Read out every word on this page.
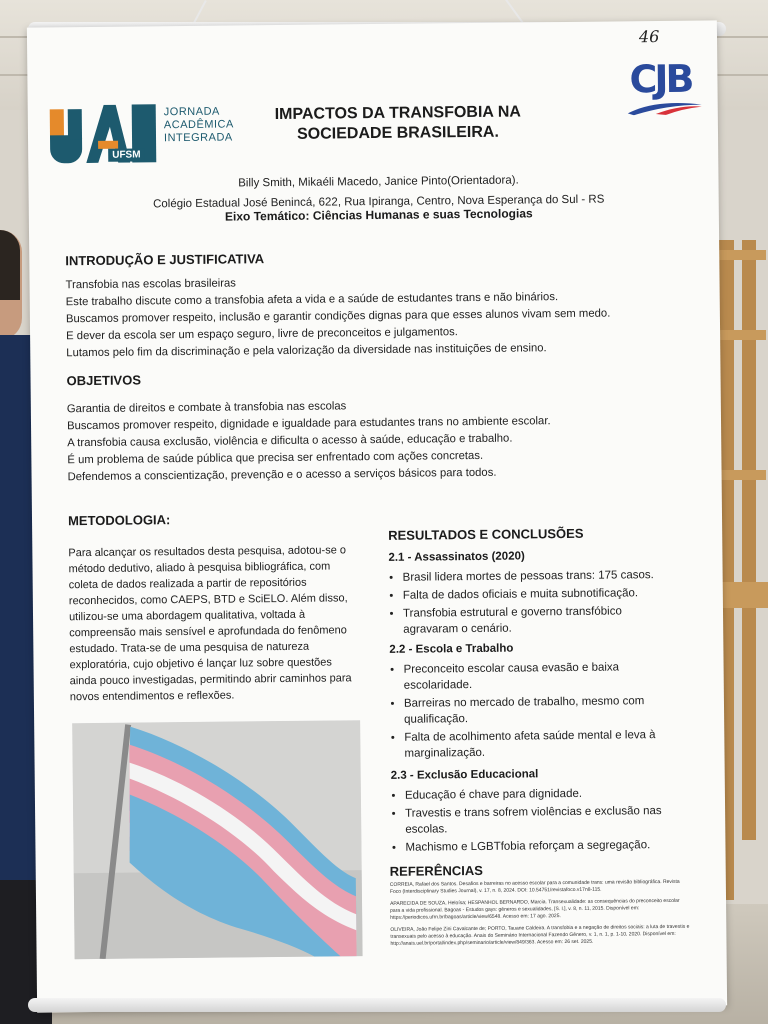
46
UFSM
JORNADA
ACADÊMICA
INTEGRADA
CJB
IMPACTOS DA TRANSFOBIA NA
SOCIEDADE BRASILEIRA.
Billy Smith, Mikaéli Macedo, Janice Pinto(Orientadora).
Colégio Estadual José Benincá, 622, Rua Ipiranga, Centro, Nova Esperança do Sul - RS
Eixo Temático: Ciências Humanas e suas Tecnologias
INTRODUÇÃO E JUSTIFICATIVA

Transfobia nas escolas brasileiras

Este trabalho discute como a transfobia afeta a vida e a saúde de estudantes trans e não binários.

Buscamos promover respeito, inclusão e garantir condições dignas para que esses alunos vivam sem medo.

E dever da escola ser um espaço seguro, livre de preconceitos e julgamentos.

Lutamos pelo fim da discriminação e pela valorização da diversidade nas instituições de ensino.

OBJETIVOS

Garantia de direitos e combate à transfobia nas escolas

Buscamos promover respeito, dignidade e igualdade para estudantes trans no ambiente escolar.

A transfobia causa exclusão, violência e dificulta o acesso à saúde, educação e trabalho.

É um problema de saúde pública que precisa ser enfrentado com ações concretas.

Defendemos a conscientização, prevenção e o acesso a serviços básicos para todos.

METODOLOGIA:
Para alcançar os resultados desta pesquisa, adotou-se o método dedutivo, aliado à pesquisa bibliográfica, com coleta de dados realizada a partir de repositórios reconhecidos, como CAEPS, BTD e SciELO. Além disso, utilizou-se uma abordagem qualitativa, voltada à compreensão mais sensível e aprofundada do fenômeno estudado. Trata-se de uma pesquisa de natureza exploratória, cujo objetivo é lançar luz sobre questões ainda pouco investigadas, permitindo abrir caminhos para novos entendimentos e reflexões.
RESULTADOS E CONCLUSÕES
2.1 - Assassinatos (2020)
• Brasil lidera mortes de pessoas trans: 175 casos.
• Falta de dados oficiais e muita subnotificação.
• Transfobia estrutural e governo transfóbico agravaram o cenário.
2.2 - Escola e Trabalho
• Preconceito escolar causa evasão e baixa escolaridade.
• Barreiras no mercado de trabalho, mesmo com qualificação.
• Falta de acolhimento afeta saúde mental e leva à marginalização.
2.3 - Exclusão Educacional
• Educação é chave para dignidade.
• Travestis e trans sofrem violências e exclusão nas escolas.
• Machismo e LGBTfobia reforçam a segregação.
REFERÊNCIAS

CORREIA, Rafael dos Santos. Desafios e barreiras no acesso escolar para a comunidade trans: uma revisão bibliográfica. Revista Foco (Interdisciplinary Studies Journal), v. 17, n. 8, 2024. DOI: 10.54751/revistafoco.v17n8-115.

APARECIDA DE SOUZA, Heloísa; HESPANHOL BERNARDO, Marcia. Transexualidade: as consequências do preconceito escolar para a vida profissional. Bagoas - Estudos gays: gêneros e sexualidades, [S. l.], v. 8, n. 11, 2015. Disponível em: https://periodicos.ufrn.br/bagoas/article/view/6548. Acesso em: 17 ago. 2025.

OLIVEIRA, João Felipe Zini Cavalcante de; PORTO, Tauane Caldeira. A transfobia e a negação de direitos sociais: a luta de travestis e transexuais pelo acesso à educação. Anais do Seminário Internacional Fazendo Gênero, v. 1, n. 1, p. 1-10, 2020. Disponível em: http://anais.uel.br/portal/index.php/seminario/article/view/849/363. Acesso em: 26 set. 2025.
